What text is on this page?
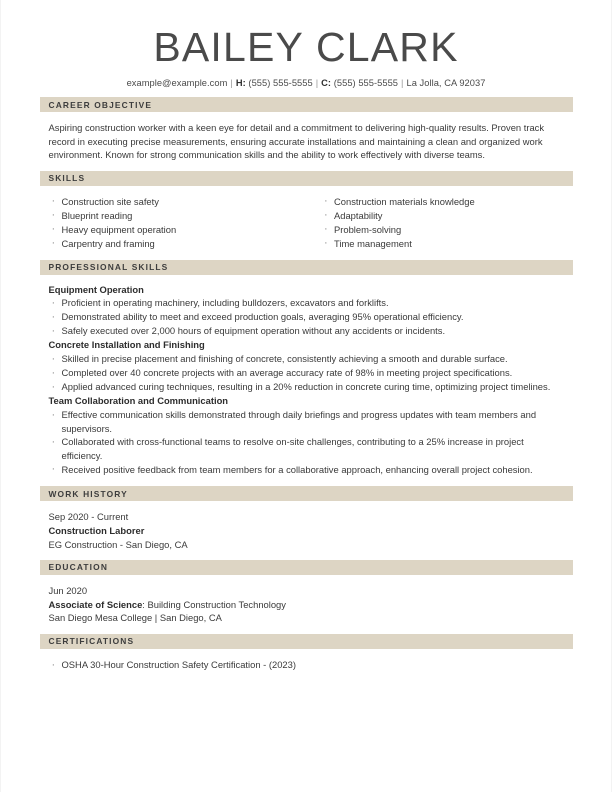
BAILEY CLARK
example@example.com | H: (555) 555-5555 | C: (555) 555-5555 | La Jolla, CA 92037
CAREER OBJECTIVE

Aspiring construction worker with a keen eye for detail and a commitment to delivering high-quality results. Proven track record in executing precise measurements, ensuring accurate installations and maintaining a clean and organized work environment. Known for strong communication skills and the ability to work effectively with diverse teams.

SKILLS
· Construction site safety
· Blueprint reading
· Heavy equipment operation
· Carpentry and framing
· Construction materials knowledge
· Adaptability
· Problem-solving
· Time management
PROFESSIONAL SKILLS
Equipment Operation
· Proficient in operating machinery, including bulldozers, excavators and forklifts.
· Demonstrated ability to meet and exceed production goals, averaging 95% operational efficiency.
· Safely executed over 2,000 hours of equipment operation without any accidents or incidents.
Concrete Installation and Finishing
· Skilled in precise placement and finishing of concrete, consistently achieving a smooth and durable surface.
· Completed over 40 concrete projects with an average accuracy rate of 98% in meeting project specifications.
· Applied advanced curing techniques, resulting in a 20% reduction in concrete curing time, optimizing project timelines.
Team Collaboration and Communication
· Effective communication skills demonstrated through daily briefings and progress updates with team members and supervisors.
· Collaborated with cross-functional teams to resolve on-site challenges, contributing to a 25% increase in project efficiency.
· Received positive feedback from team members for a collaborative approach, enhancing overall project cohesion.
WORK HISTORY
Sep 2020 - Current
Construction Laborer
EG Construction - San Diego, CA
EDUCATION
Jun 2020
Associate of Science: Building Construction Technology
San Diego Mesa College | San Diego, CA
CERTIFICATIONS
· OSHA 30-Hour Construction Safety Certification - (2023)
